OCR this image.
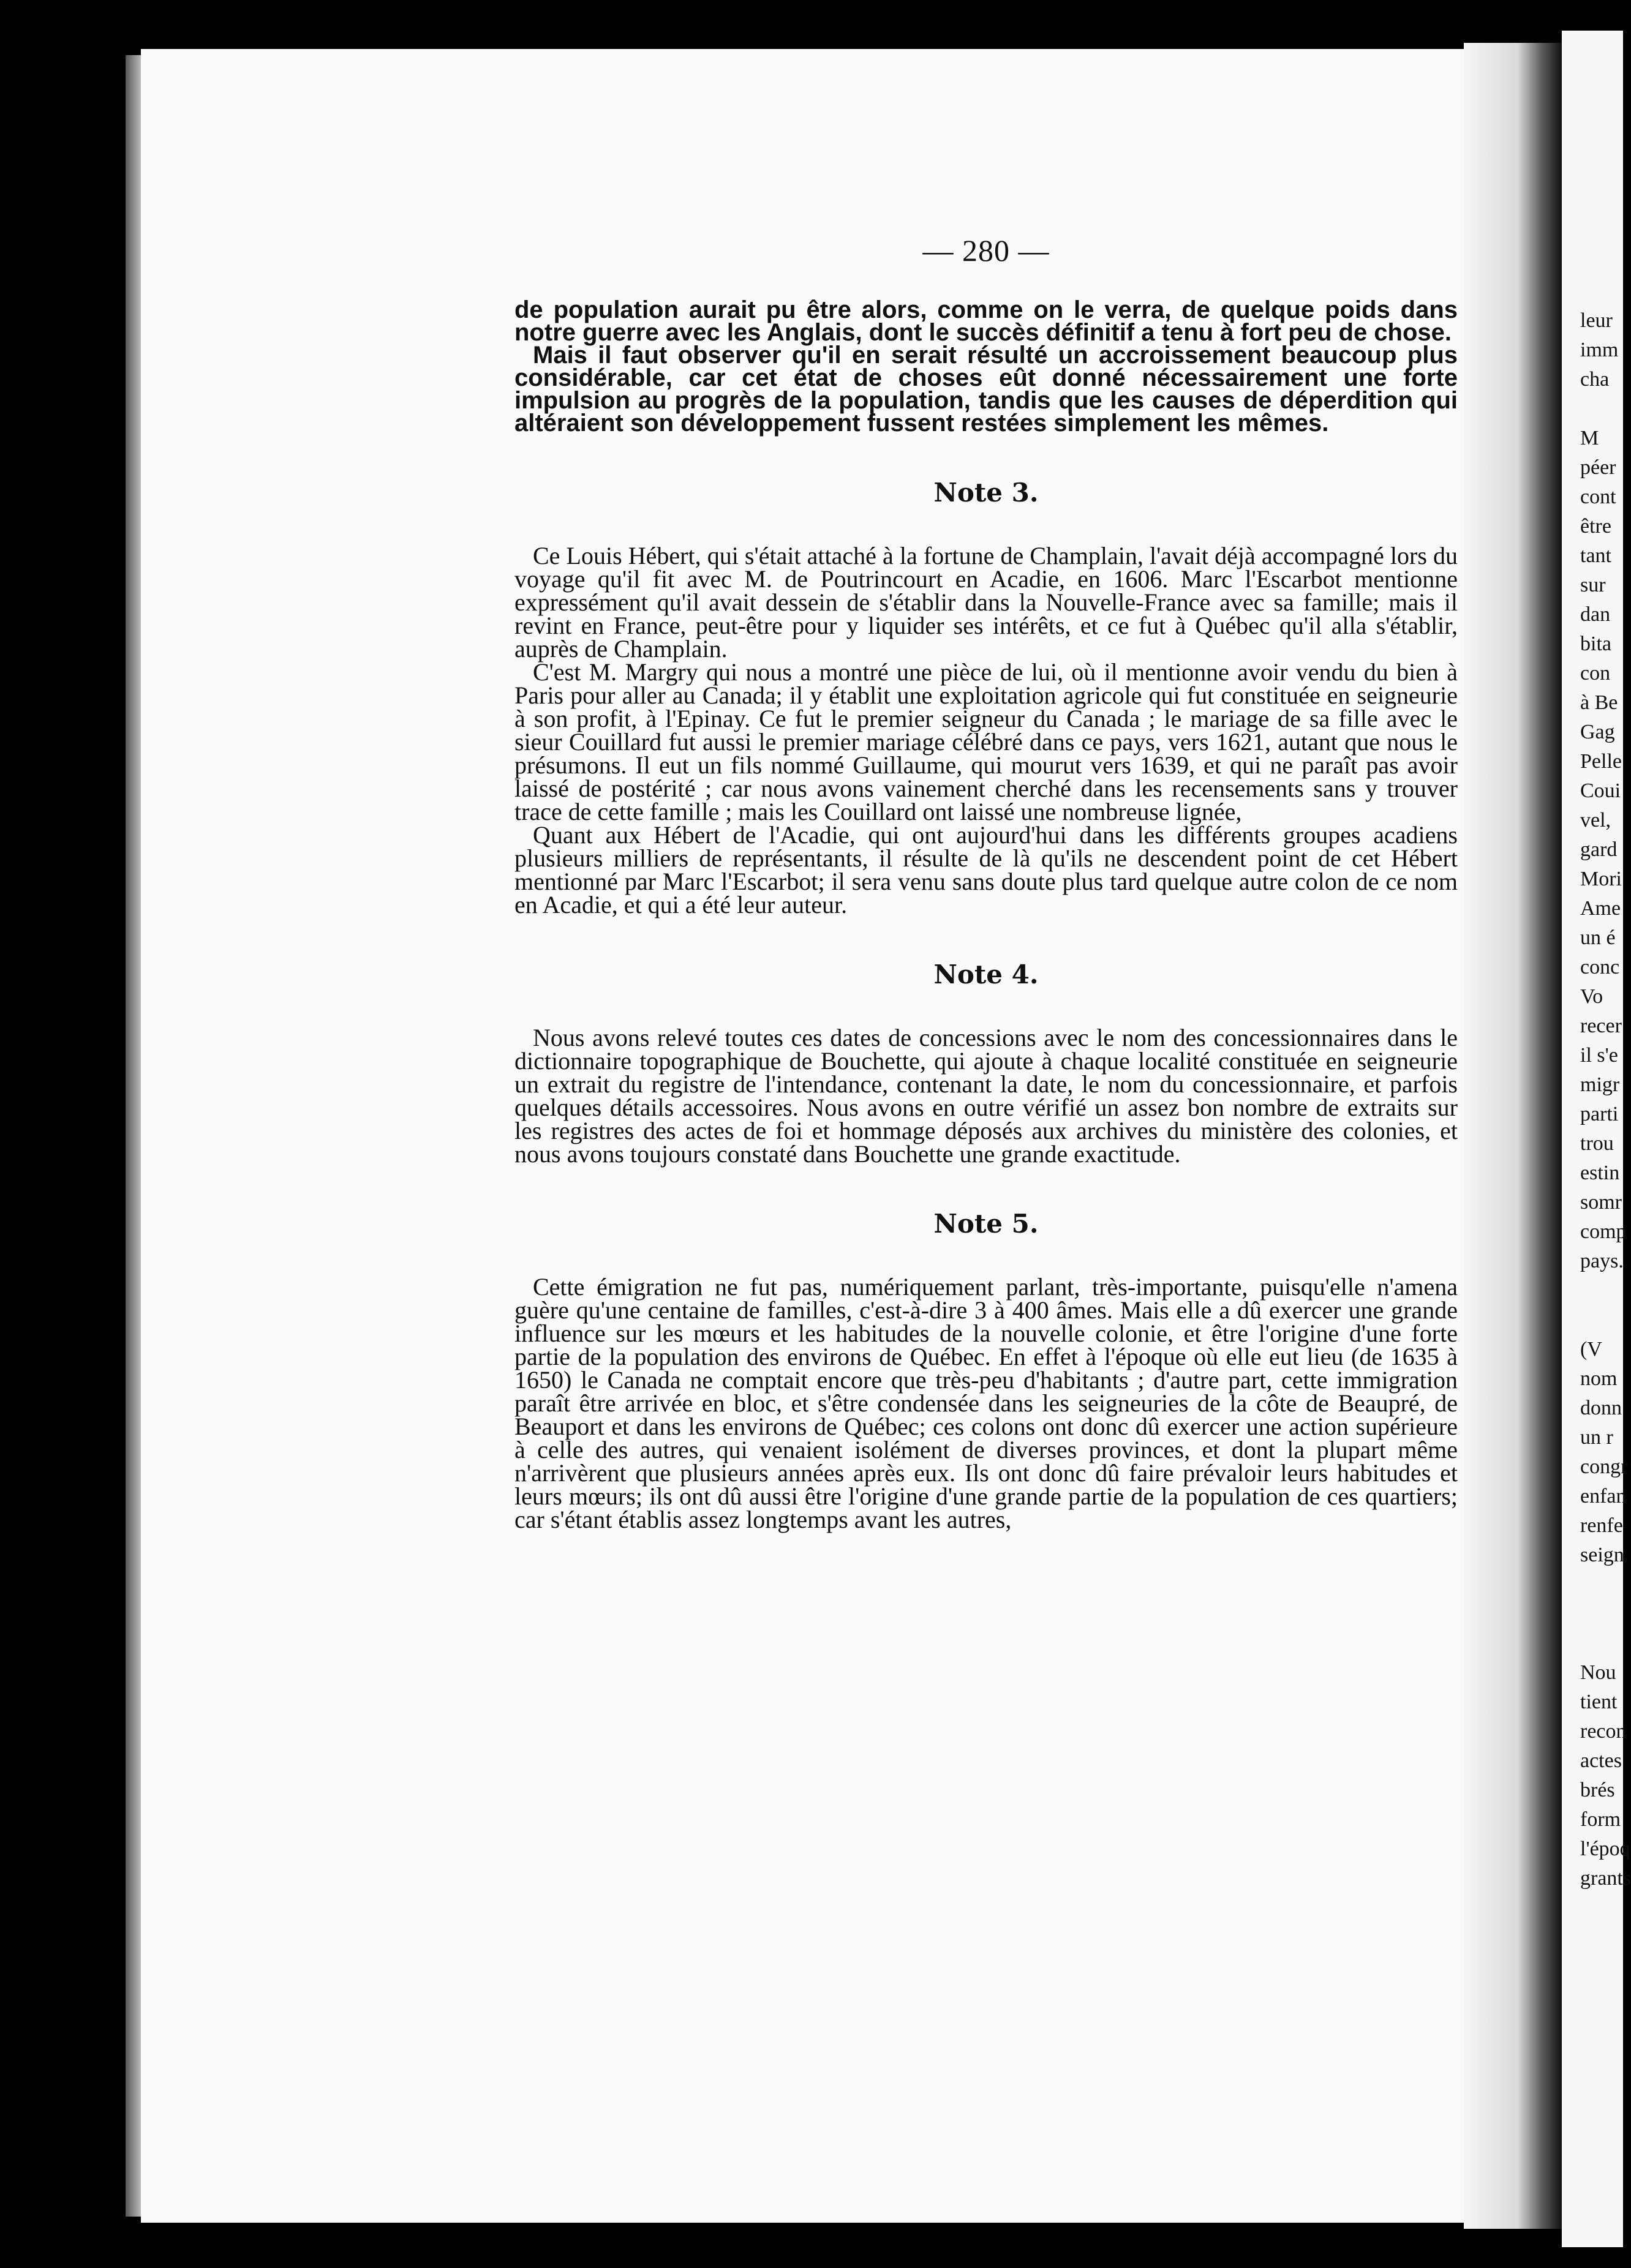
leur
imm
cha
M
péer
cont
être
tant
sur
dan
bita
con
à Be
Gag
Pelle
Coui
vel,
gard
Mori
Ame
un é
conc
Vo
recer
il s'e
migr
parti
trou
estin
somr
comp
pays.
(V
nom
donn
un r
congr
enfan
renfe
seign
Nou
tient
recon
actes
brés
form
l'époq
grants
— 280 —

de population aurait pu être alors, comme on le verra, de quelque poids dans notre guerre avec les Anglais, dont le succès définitif a tenu à fort peu de chose.

Mais il faut observer qu'il en serait résulté un accroissement beaucoup plus considérable, car cet état de choses eût donné nécessairement une forte impulsion au progrès de la population, tandis que les causes de déperdition qui altéraient son développement fussent restées simplement les mêmes.

Note 3.

Ce Louis Hébert, qui s'était attaché à la fortune de Champlain, l'avait déjà accompagné lors du voyage qu'il fit avec M. de Poutrincourt en Acadie, en 1606. Marc l'Escarbot mentionne expressément qu'il avait dessein de s'établir dans la Nouvelle-France avec sa famille; mais il revint en France, peut-être pour y liquider ses intérêts, et ce fut à Québec qu'il alla s'établir, auprès de Champlain.

C'est M. Margry qui nous a montré une pièce de lui, où il mentionne avoir vendu du bien à Paris pour aller au Canada; il y établit une exploitation agricole qui fut constituée en seigneurie à son profit, à l'Epinay. Ce fut le premier seigneur du Canada ; le mariage de sa fille avec le sieur Couillard fut aussi le premier mariage célébré dans ce pays, vers 1621, autant que nous le présumons. Il eut un fils nommé Guillaume, qui mourut vers 1639, et qui ne paraît pas avoir laissé de postérité ; car nous avons vainement cherché dans les recensements sans y trouver trace de cette famille ; mais les Couillard ont laissé une nombreuse lignée,

Quant aux Hébert de l'Acadie, qui ont aujourd'hui dans les différents groupes acadiens plusieurs milliers de représentants, il résulte de là qu'ils ne descendent point de cet Hébert mentionné par Marc l'Escarbot; il sera venu sans doute plus tard quelque autre colon de ce nom en Acadie, et qui a été leur auteur.

Note 4.

Nous avons relevé toutes ces dates de concessions avec le nom des concessionnaires dans le dictionnaire topographique de Bouchette, qui ajoute à chaque localité constituée en seigneurie un extrait du registre de l'intendance, contenant la date, le nom du concessionnaire, et parfois quelques détails accessoires. Nous avons en outre vérifié un assez bon nombre de extraits sur les registres des actes de foi et hommage déposés aux archives du ministère des colonies, et nous avons toujours constaté dans Bouchette une grande exactitude.

Note 5.

Cette émigration ne fut pas, numériquement parlant, très-importante, puisqu'elle n'amena guère qu'une centaine de familles, c'est-à-dire 3 à 400 âmes. Mais elle a dû exercer une grande influence sur les mœurs et les habitudes de la nouvelle colonie, et être l'origine d'une forte partie de la population des environs de Québec. En effet à l'époque où elle eut lieu (de 1635 à 1650) le Canada ne comptait encore que très-peu d'habitants ; d'autre part, cette immigration paraît être arrivée en bloc, et s'être condensée dans les seigneuries de la côte de Beaupré, de Beauport et dans les environs de Québec; ces colons ont donc dû exercer une action supérieure à celle des autres, qui venaient isolément de diverses provinces, et dont la plupart même n'arrivèrent que plusieurs années après eux. Ils ont donc dû faire prévaloir leurs habitudes et leurs mœurs; ils ont dû aussi être l'origine d'une grande partie de la population de ces quartiers; car s'étant établis assez longtemps avant les autres,
